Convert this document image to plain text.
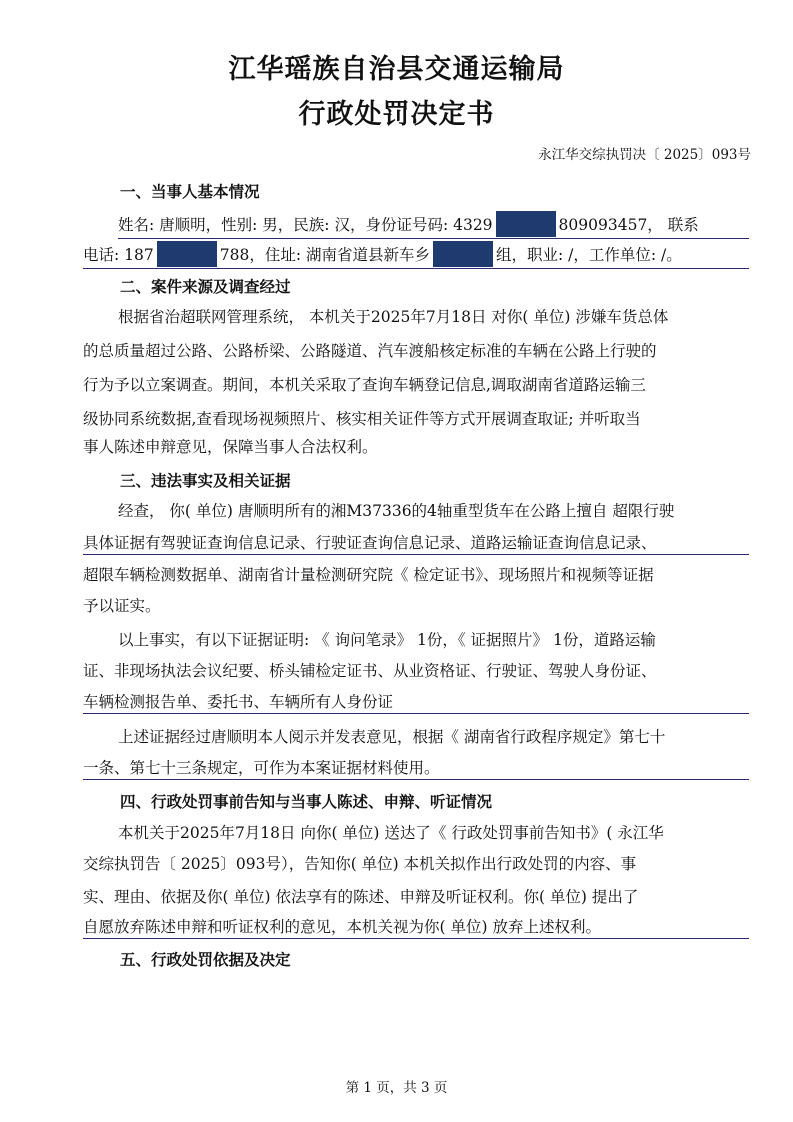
江华瑶族自治县交通运输局
行政处罚决定书
永江华交综执罚决〔 2025〕093号
一、当事人基本情况
姓名: 唐顺明，性别: 男，民族: 汉，身份证号码: 4329	809093457， 联系
电话: 187	788，住址: 湖南省道县新车乡	组，职业: /，工作单位: /。
二、案件来源及调查经过
根据省治超联网管理系统， 本机关于2025年7月18日 对你( 单位) 涉嫌车货总体
的总质量超过公路、公路桥梁、公路隧道、汽车渡船核定标准的车辆在公路上行驶的
行为予以立案调查。期间，本机关采取了查询车辆登记信息,调取湖南省道路运输三
级协同系统数据,查看现场视频照片、核实相关证件等方式开展调查取证; 并听取当
事人陈述申辩意见，保障当事人合法权利。
三、违法事实及相关证据
经查， 你( 单位) 唐顺明所有的湘M37336的4轴重型货车在公路上擅自 超限行驶
具体证据有驾驶证查询信息记录、行驶证查询信息记录、道路运输证查询信息记录、
超限车辆检测数据单、湖南省计量检测研究院《 检定证书》、现场照片和视频等证据
予以证实。
以上事实，有以下证据证明: 《 询问笔录》 1份，《 证据照片》 1份，道路运输
证、非现场执法会议纪要、桥头铺检定证书、从业资格证、行驶证、驾驶人身份证、
车辆检测报告单、委托书、车辆所有人身份证
上述证据经过唐顺明本人阅示并发表意见，根据《 湖南省行政程序规定》第七十
一条、第七十三条规定，可作为本案证据材料使用。
四、行政处罚事前告知与当事人陈述、申辩、听证情况
本机关于2025年7月18日 向你( 单位) 送达了《 行政处罚事前告知书》( 永江华
交综执罚告〔 2025〕093号），告知你( 单位) 本机关拟作出行政处罚的内容、事
实、理由、依据及你( 单位) 依法享有的陈述、申辩及听证权利。你( 单位) 提出了
自愿放弃陈述申辩和听证权利的意见，本机关视为你( 单位) 放弃上述权利。
五、行政处罚依据及决定
第 1 页，共 3 页
